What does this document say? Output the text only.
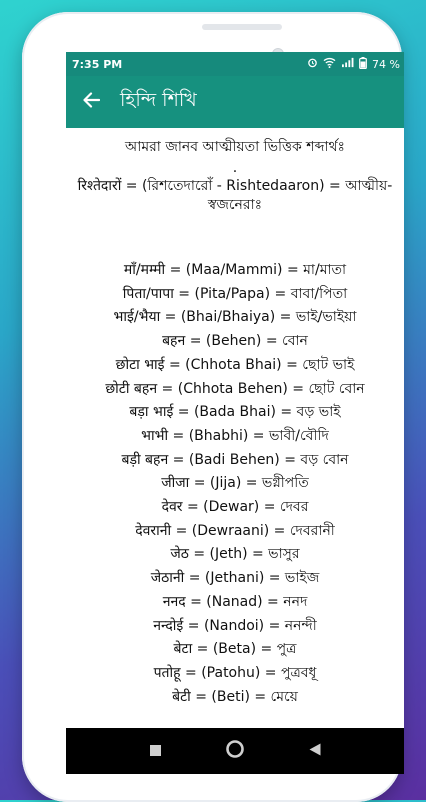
7:35 PM	74 %
হিন্দি শিখি
আমরা জানব আত্মীয়তা ভিত্তিক শব্দার্থঃ
.
रिश्तेदारों = (রিশতেদারোঁ - Rishtedaaron) = আত্মীয়-স্বজনেরাঃ
माँ/मम्मी = (Maa/Mammi) = মা/মাতা
पिता/पापा = (Pita/Papa) = বাবা/পিতা
भाई/भैया = (Bhai/Bhaiya) = ভাই/ভাইয়া
बहन = (Behen) = বোন
छोटा भाई = (Chhota Bhai) = ছোট ভাই
छोटी बहन = (Chhota Behen) = ছোট বোন
बड़ा भाई = (Bada Bhai) = বড় ভাই
भाभी = (Bhabhi) = ভাবী/বৌদি
बड़ी बहन = (Badi Behen) = বড় বোন
जीजा = (Jija) = ভগ্নীপতি
देवर = (Dewar) = দেবর
देवरानी = (Dewraani) = দেবরানী
जेठ = (Jeth) = ভাসুর
जेठानी = (Jethani) = ভাইজ
ननद = (Nanad) = ননদ
नन्दोई = (Nandoi) = ননন্দী
बेटा = (Beta) = পুত্র
पतोहू = (Patohu) = পুত্রবধূ
बेटी = (Beti) = মেয়ে
